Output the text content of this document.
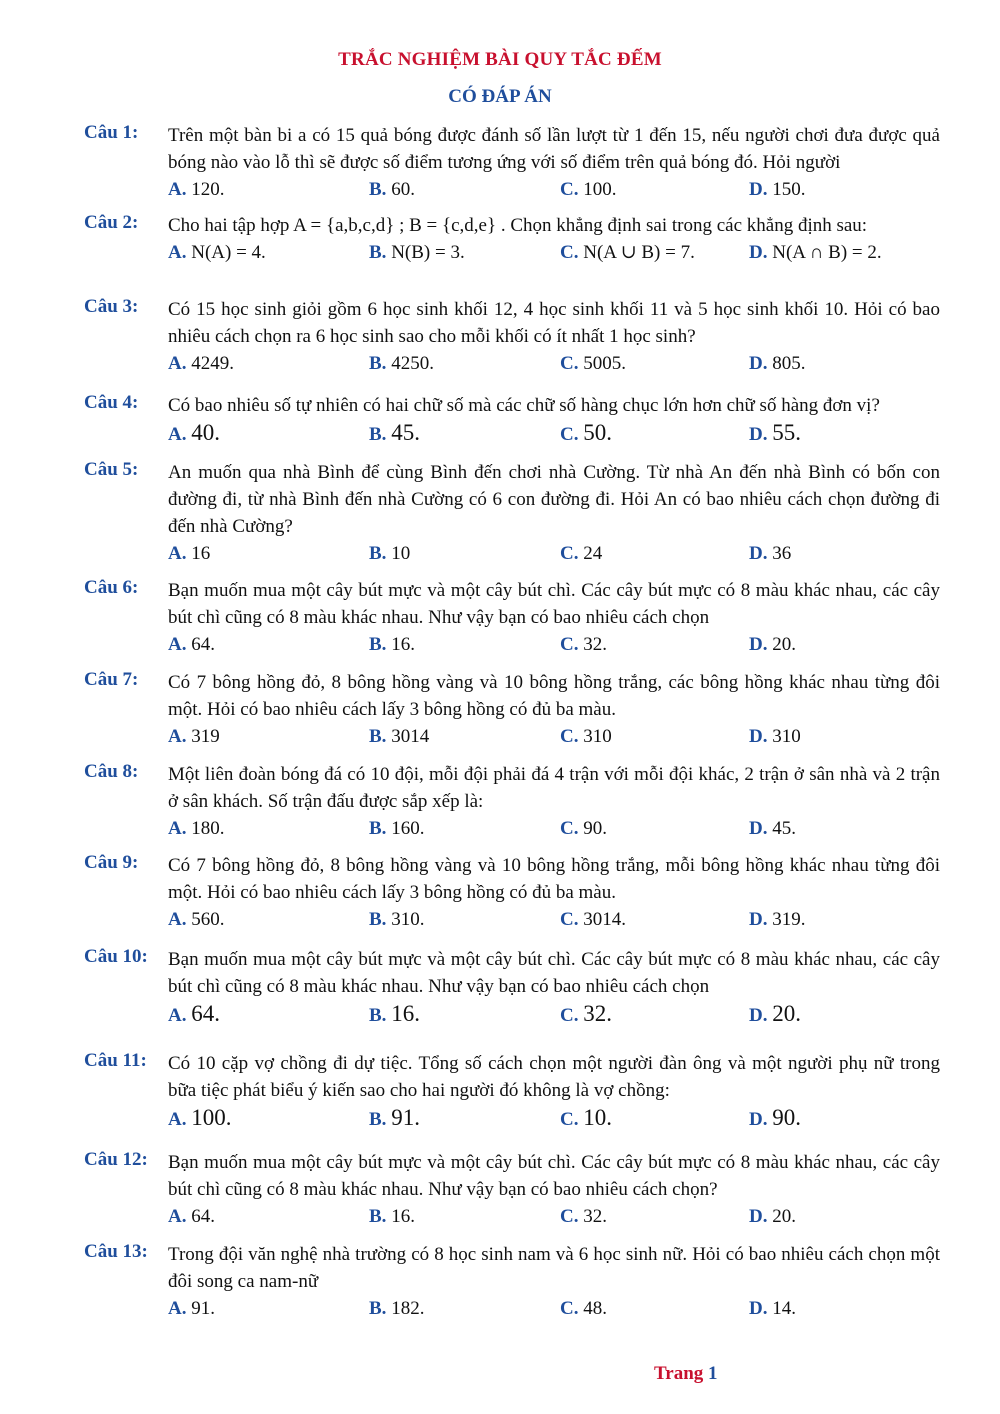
TRẮC NGHIỆM BÀI QUY TẮC ĐẾM
CÓ ĐÁP ÁN
Câu 1: Trên một bàn bi a có 15 quả bóng được đánh số lần lượt từ 1 đến 15, nếu người chơi đưa được quả bóng nào vào lỗ thì sẽ được số điểm tương ứng với số điểm trên quả bóng đó. Hỏi người
A. 120.	B. 60.	C. 100.	D. 150.
Câu 2: Cho hai tập hợp A = {a,b,c,d} ; B = {c,d,e} . Chọn khẳng định sai trong các khẳng định sau:
A. N(A) = 4.	B. N(B) = 3.	C. N(A ∪ B) = 7.	D. N(A ∩ B) = 2.
Câu 3: Có 15 học sinh giỏi gồm 6 học sinh khối 12, 4 học sinh khối 11 và 5 học sinh khối 10. Hỏi có bao nhiêu cách chọn ra 6 học sinh sao cho mỗi khối có ít nhất 1 học sinh?
A. 4249.	B. 4250.	C. 5005.	D. 805.
Câu 4: Có bao nhiêu số tự nhiên có hai chữ số mà các chữ số hàng chục lớn hơn chữ số hàng đơn vị?
A. 40.	B. 45.	C. 50.	D. 55.
Câu 5: An muốn qua nhà Bình để cùng Bình đến chơi nhà Cường. Từ nhà An đến nhà Bình có bốn con đường đi, từ nhà Bình đến nhà Cường có 6 con đường đi. Hỏi An có bao nhiêu cách chọn đường đi đến nhà Cường?
A. 16	B. 10	C. 24	D. 36
Câu 6: Bạn muốn mua một cây bút mực và một cây bút chì. Các cây bút mực có 8 màu khác nhau, các cây bút chì cũng có 8 màu khác nhau. Như vậy bạn có bao nhiêu cách chọn
A. 64.	B. 16.	C. 32.	D. 20.
Câu 7: Có 7 bông hồng đỏ, 8 bông hồng vàng và 10 bông hồng trắng, các bông hồng khác nhau từng đôi một. Hỏi có bao nhiêu cách lấy 3 bông hồng có đủ ba màu.
A. 319	B. 3014	C. 310	D. 310
Câu 8: Một liên đoàn bóng đá có 10 đội, mỗi đội phải đá 4 trận với mỗi đội khác, 2 trận ở sân nhà và 2 trận ở sân khách. Số trận đấu được sắp xếp là:
A. 180.	B. 160.	C. 90.	D. 45.
Câu 9: Có 7 bông hồng đỏ, 8 bông hồng vàng và 10 bông hồng trắng, mỗi bông hồng khác nhau từng đôi một. Hỏi có bao nhiêu cách lấy 3 bông hồng có đủ ba màu.
A. 560.	B. 310.	C. 3014.	D. 319.
Câu 10: Bạn muốn mua một cây bút mực và một cây bút chì. Các cây bút mực có 8 màu khác nhau, các cây bút chì cũng có 8 màu khác nhau. Như vậy bạn có bao nhiêu cách chọn
A. 64.	B. 16.	C. 32.	D. 20.
Câu 11: Có 10 cặp vợ chồng đi dự tiệc. Tổng số cách chọn một người đàn ông và một người phụ nữ trong bữa tiệc phát biểu ý kiến sao cho hai người đó không là vợ chồng:
A. 100.	B. 91.	C. 10.	D. 90.
Câu 12: Bạn muốn mua một cây bút mực và một cây bút chì. Các cây bút mực có 8 màu khác nhau, các cây bút chì cũng có 8 màu khác nhau. Như vậy bạn có bao nhiêu cách chọn?
A. 64.	B. 16.	C. 32.	D. 20.
Câu 13: Trong đội văn nghệ nhà trường có 8 học sinh nam và 6 học sinh nữ. Hỏi có bao nhiêu cách chọn một đôi song ca nam-nữ
A. 91.	B. 182.	C. 48.	D. 14.
Trang 1
